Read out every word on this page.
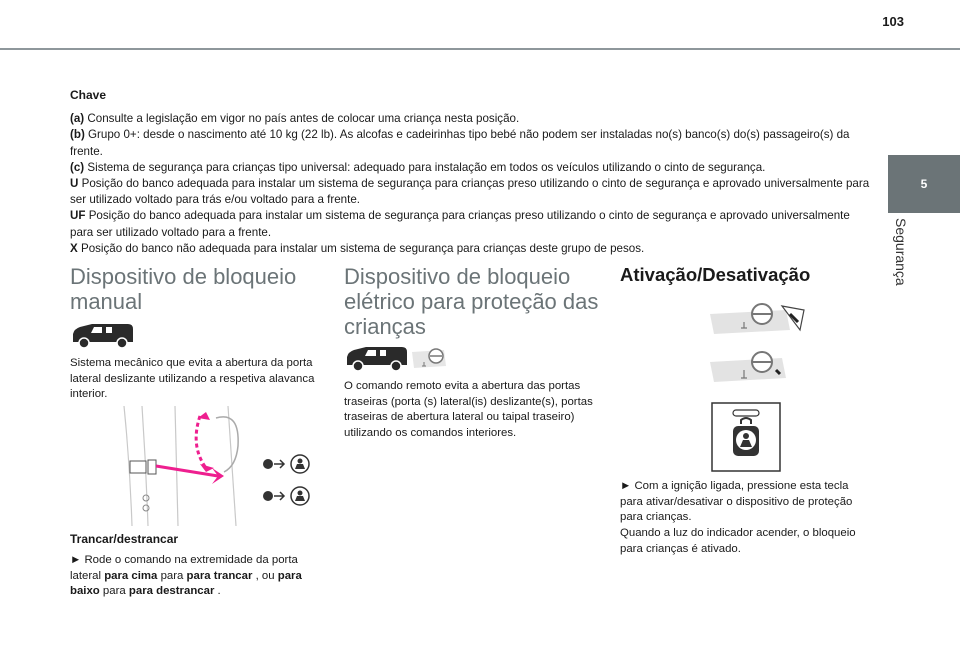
103
5
Segurança
Chave
(a) Consulte a legislação em vigor no país antes de colocar uma criança nesta posição.
(b) Grupo 0+: desde o nascimento até 10 kg (22 lb). As alcofas e cadeirinhas tipo bebé não podem ser instaladas no(s) banco(s) do(s) passageiro(s) da frente.
(c) Sistema de segurança para crianças tipo universal: adequado para instalação em todos os veículos utilizando o cinto de segurança.
U Posição do banco adequada para instalar um sistema de segurança para crianças preso utilizando o cinto de segurança e aprovado universalmente para ser utilizado voltado para trás e/ou voltado para a frente.
UF Posição do banco adequada para instalar um sistema de segurança para crianças preso utilizando o cinto de segurança e aprovado universalmente para ser utilizado voltado para a frente.
X Posição do banco não adequada para instalar um sistema de segurança para crianças deste grupo de pesos.
Dispositivo de bloqueio manual
Sistema mecânico que evita a abertura da porta lateral deslizante utilizando a respetiva alavanca interior.
Trancar/destrancar
► Rode o comando na extremidade da porta lateral para cima para para trancar , ou para baixo para para destrancar .
Dispositivo de bloqueio elétrico para proteção das crianças
O comando remoto evita a abertura das portas traseiras (porta (s) lateral(is) deslizante(s), portas traseiras de abertura lateral ou taipal traseiro) utilizando os comandos interiores.
Ativação/Desativação
► Com a ignição ligada, pressione esta tecla para ativar/desativar o dispositivo de proteção para crianças.
Quando a luz do indicador acender, o bloqueio para crianças é ativado.
